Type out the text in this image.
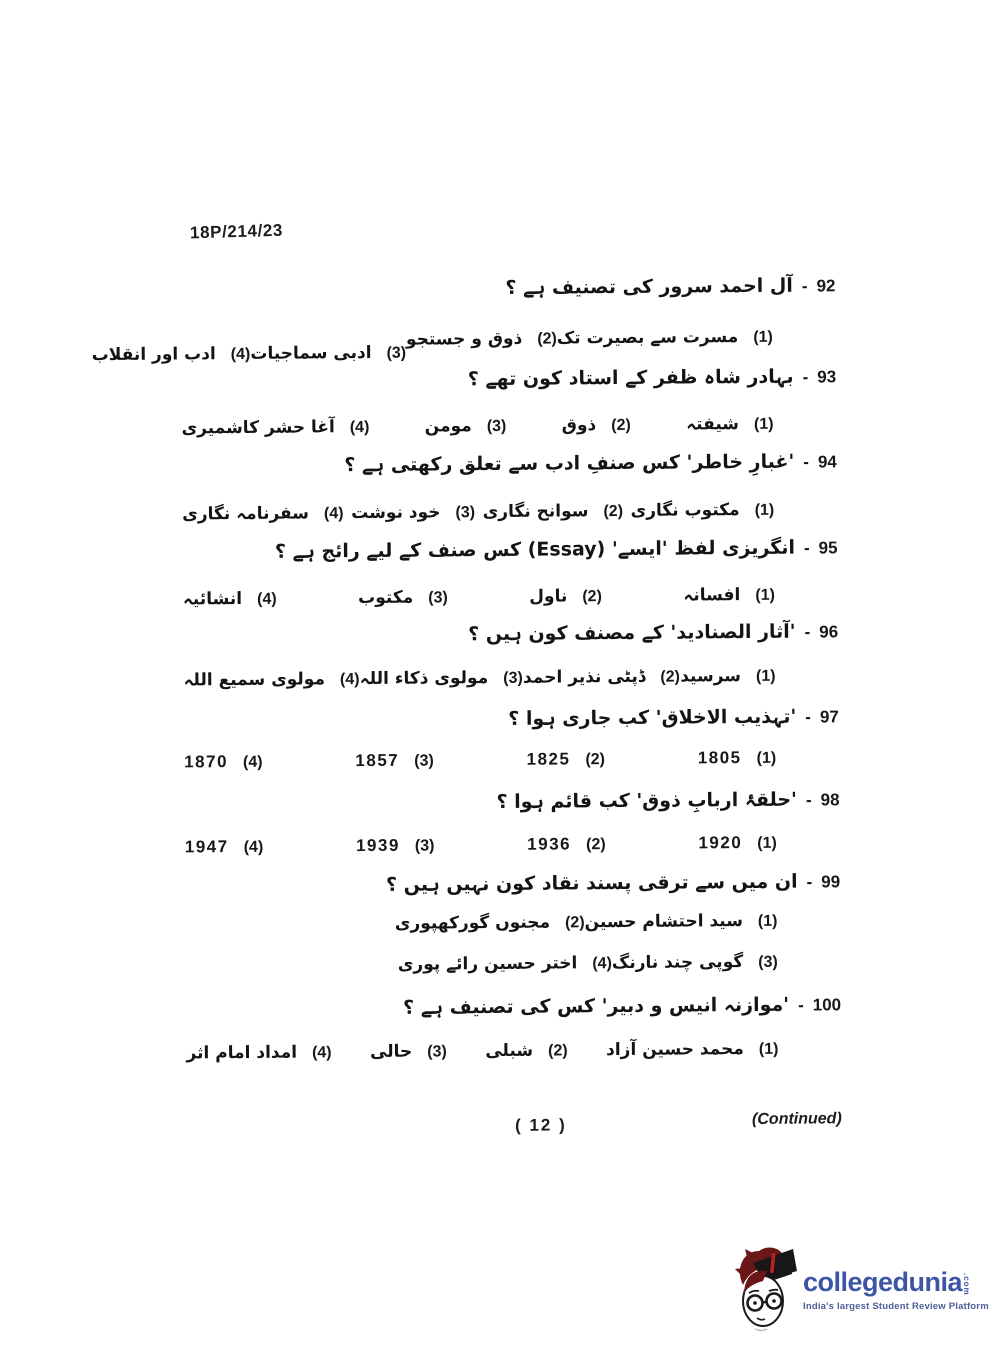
18P/214/23
92
-
آل احمد سرور کی تصنیف ہے ؟
(1)
مسرت سے بصیرت تک
(2)
ذوق و جستجو
(3)
ادبی سماجیات
(4)
ادب اور انقلاب
93
-
بہادر شاہ ظفر کے استاد کون تھے ؟
(1)
شیفتہ
(2)
ذوق
(3)
مومن
(4)
آغا حشر کاشمیری
94
-
'غبارِ خاطر' کس صنفِ ادب سے تعلق رکھتی ہے ؟
(1)
مکتوب نگاری
(2)
سوانح نگاری
(3)
خود نوشت
(4)
سفرنامہ نگاری
95
-
انگریزی لفظ 'ایسے' (Essay) کس صنف کے لیے رائج ہے ؟
(1)
افسانہ
(2)
ناول
(3)
مکتوب
(4)
انشائیہ
96
-
'آثار الصنادید' کے مصنف کون ہیں ؟
(1)
سرسید
(2)
ڈپٹی نذیر احمد
(3)
مولوی ذکاء اللہ
(4)
مولوی سمیع اللہ
97
-
'تہذیب الاخلاق' کب جاری ہوا ؟
(1)
1805
(2)
1825
(3)
1857
(4)
1870
98
-
'حلقۂ اربابِ ذوق' کب قائم ہوا ؟
(1)
1920
(2)
1936
(3)
1939
(4)
1947
99
-
ان میں سے ترقی پسند نقاد کون نہیں ہیں ؟
(1)
سید احتشام حسین
(2)
مجنوں گورکھپوری
(3)
گوپی چند نارنگ
(4)
اختر حسین رائے پوری
100
-
'موازنہ انیس و دبیر' کس کی تصنیف ہے ؟
(1)
محمد حسین آزاد
(2)
شبلی
(3)
حالی
(4)
امداد امام اثر
( 12 )	(Continued)
collegedunia .com
India's largest Student Review Platform
